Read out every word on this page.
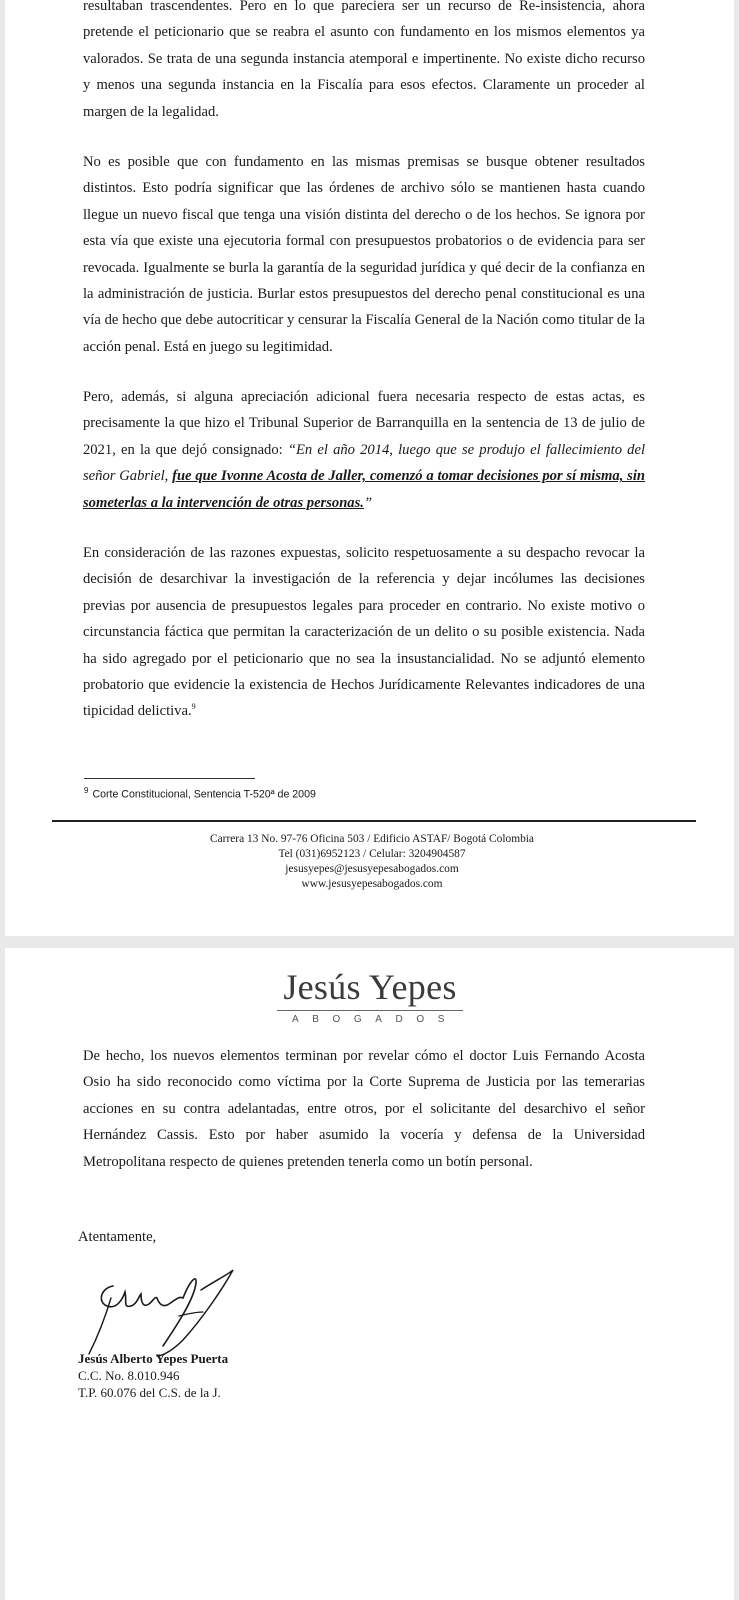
resultaban trascendentes. Pero en lo que pareciera ser un recurso de Re-insistencia, ahora pretende el peticionario que se reabra el asunto con fundamento en los mismos elementos ya valorados. Se trata de una segunda instancia atemporal e impertinente. No existe dicho recurso y menos una segunda instancia en la Fiscalía para esos efectos. Claramente un proceder al margen de la legalidad.

No es posible que con fundamento en las mismas premisas se busque obtener resultados distintos. Esto podría significar que las órdenes de archivo sólo se mantienen hasta cuando llegue un nuevo fiscal que tenga una visión distinta del derecho o de los hechos. Se ignora por esta vía que existe una ejecutoria formal con presupuestos probatorios o de evidencia para ser revocada. Igualmente se burla la garantía de la seguridad jurídica y qué decir de la confianza en la administración de justicia. Burlar estos presupuestos del derecho penal constitucional es una vía de hecho que debe autocriticar y censurar la Fiscalía General de la Nación como titular de la acción penal. Está en juego su legitimidad.

Pero, además, si alguna apreciación adicional fuera necesaria respecto de estas actas, es precisamente la que hizo el Tribunal Superior de Barranquilla en la sentencia de 13 de julio de 2021, en la que dejó consignado: “En el año 2014, luego que se produjo el fallecimiento del señor Gabriel, fue que Ivonne Acosta de Jaller, comenzó a tomar decisiones por sí misma, sin someterlas a la intervención de otras personas.”

En consideración de las razones expuestas, solicito respetuosamente a su despacho revocar la decisión de desarchivar la investigación de la referencia y dejar incólumes las decisiones previas por ausencia de presupuestos legales para proceder en contrario. No existe motivo o circunstancia fáctica que permitan la caracterización de un delito o su posible existencia. Nada ha sido agregado por el peticionario que no sea la insustancialidad. No se adjuntó elemento probatorio que evidencie la existencia de Hechos Jurídicamente Relevantes indicadores de una tipicidad delictiva.$^9$

$^9$ Corte Constitucional, Sentencia T-520ª de 2009
Carrera 13 No. 97-76 Oficina 503 / Edificio ASTAF/ Bogotá Colombia
Tel (031)6952123 / Celular: 3204904587
jesusyepes@jesusyepesabogados.com
www.jesusyepesabogados.com
Jesús Yepes
ABOGADOS

De hecho, los nuevos elementos terminan por revelar cómo el doctor Luis Fernando Acosta Osio ha sido reconocido como víctima por la Corte Suprema de Justicia por las temerarias acciones en su contra adelantadas, entre otros, por el solicitante del desarchivo el señor Hernández Cassis. Esto por haber asumido la vocería y defensa de la Universidad Metropolitana respecto de quienes pretenden tenerla como un botín personal.

Atentamente,
Jesús Alberto Yepes Puerta
C.C. No. 8.010.946
T.P. 60.076 del C.S. de la J.
